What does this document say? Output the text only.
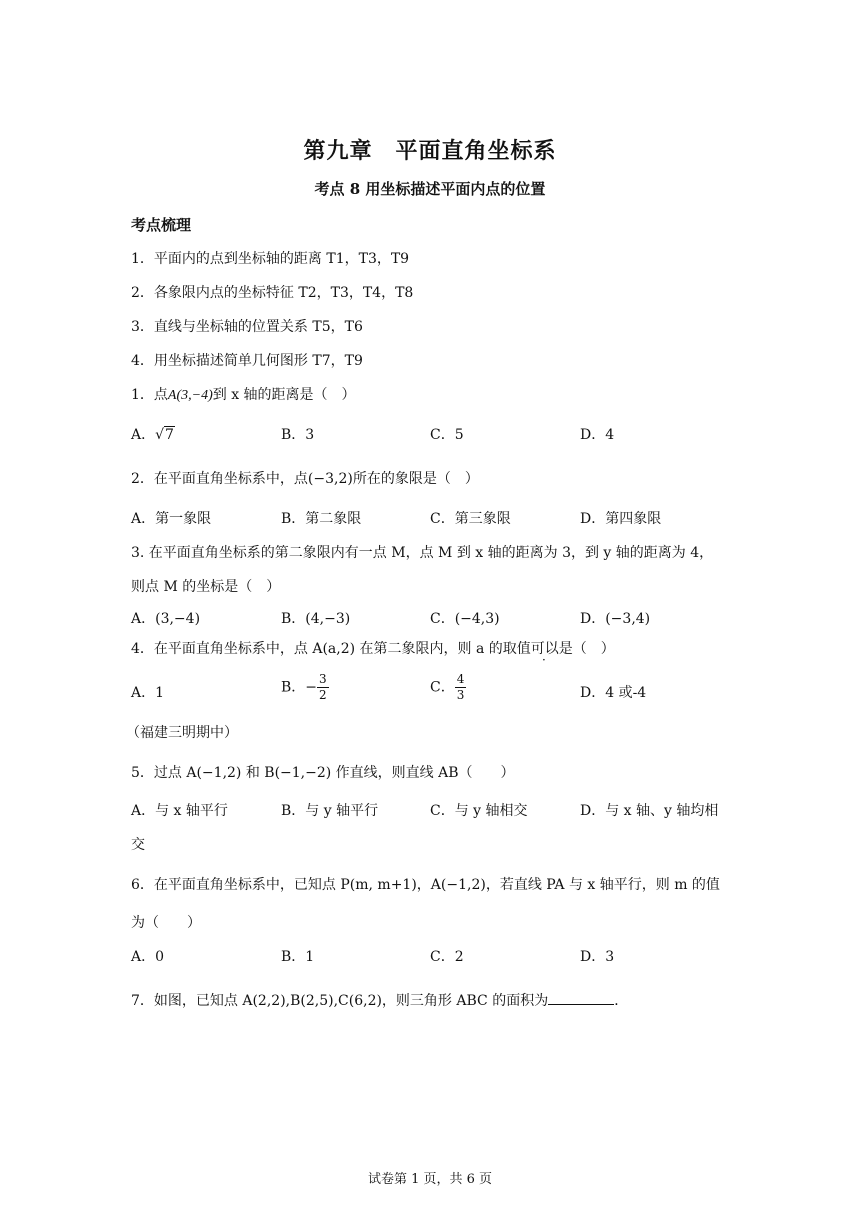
第九章　平面直角坐标系
考点 8 用坐标描述平面内点的位置
考点梳理
1．平面内的点到坐标轴的距离 T1，T3，T9
2．各象限内点的坐标特征 T2，T3，T4，T8
3．直线与坐标轴的位置关系 T5，T6
4．用坐标描述简单几何图形 T7，T9
1．点A(3,−4)到 x 轴的距离是（　）
A．√7	B．3	C．5	D．4
2．在平面直角坐标系中，点(−3,2)所在的象限是（　）
A．第一象限	B．第二象限	C．第三象限	D．第四象限
3. 在平面直角坐标系的第二象限内有一点 M，点 M 到 x 轴的距离为 3，到 y 轴的距离为 4，
则点 M 的坐标是（　）
A．(3,−4)	B．(4,−3)	C．(−4,3)	D．(−3,4)
4．在平面直角坐标系中，点 A(a,2) 在第二象限内，则 a 的取值可以是（　）
A．1	B．− $\frac{3}{2}$	C． $\frac{4}{3}$	D．4 或-4
（福建三明期中）
5．过点 A(−1,2) 和 B(−1,−2) 作直线，则直线 AB（　　）
A．与 x 轴平行	B．与 y 轴平行	C．与 y 轴相交	D．与 x 轴、y 轴均相
交
6．在平面直角坐标系中，已知点 P(m, m+1)，A(−1,2)，若直线 PA 与 x 轴平行，则 m 的值
为（　　）
A．0	B．1	C．2	D．3
7．如图，已知点 A(2,2),B(2,5),C(6,2)，则三角形 ABC 的面积为	．
试卷第 1 页，共 6 页
